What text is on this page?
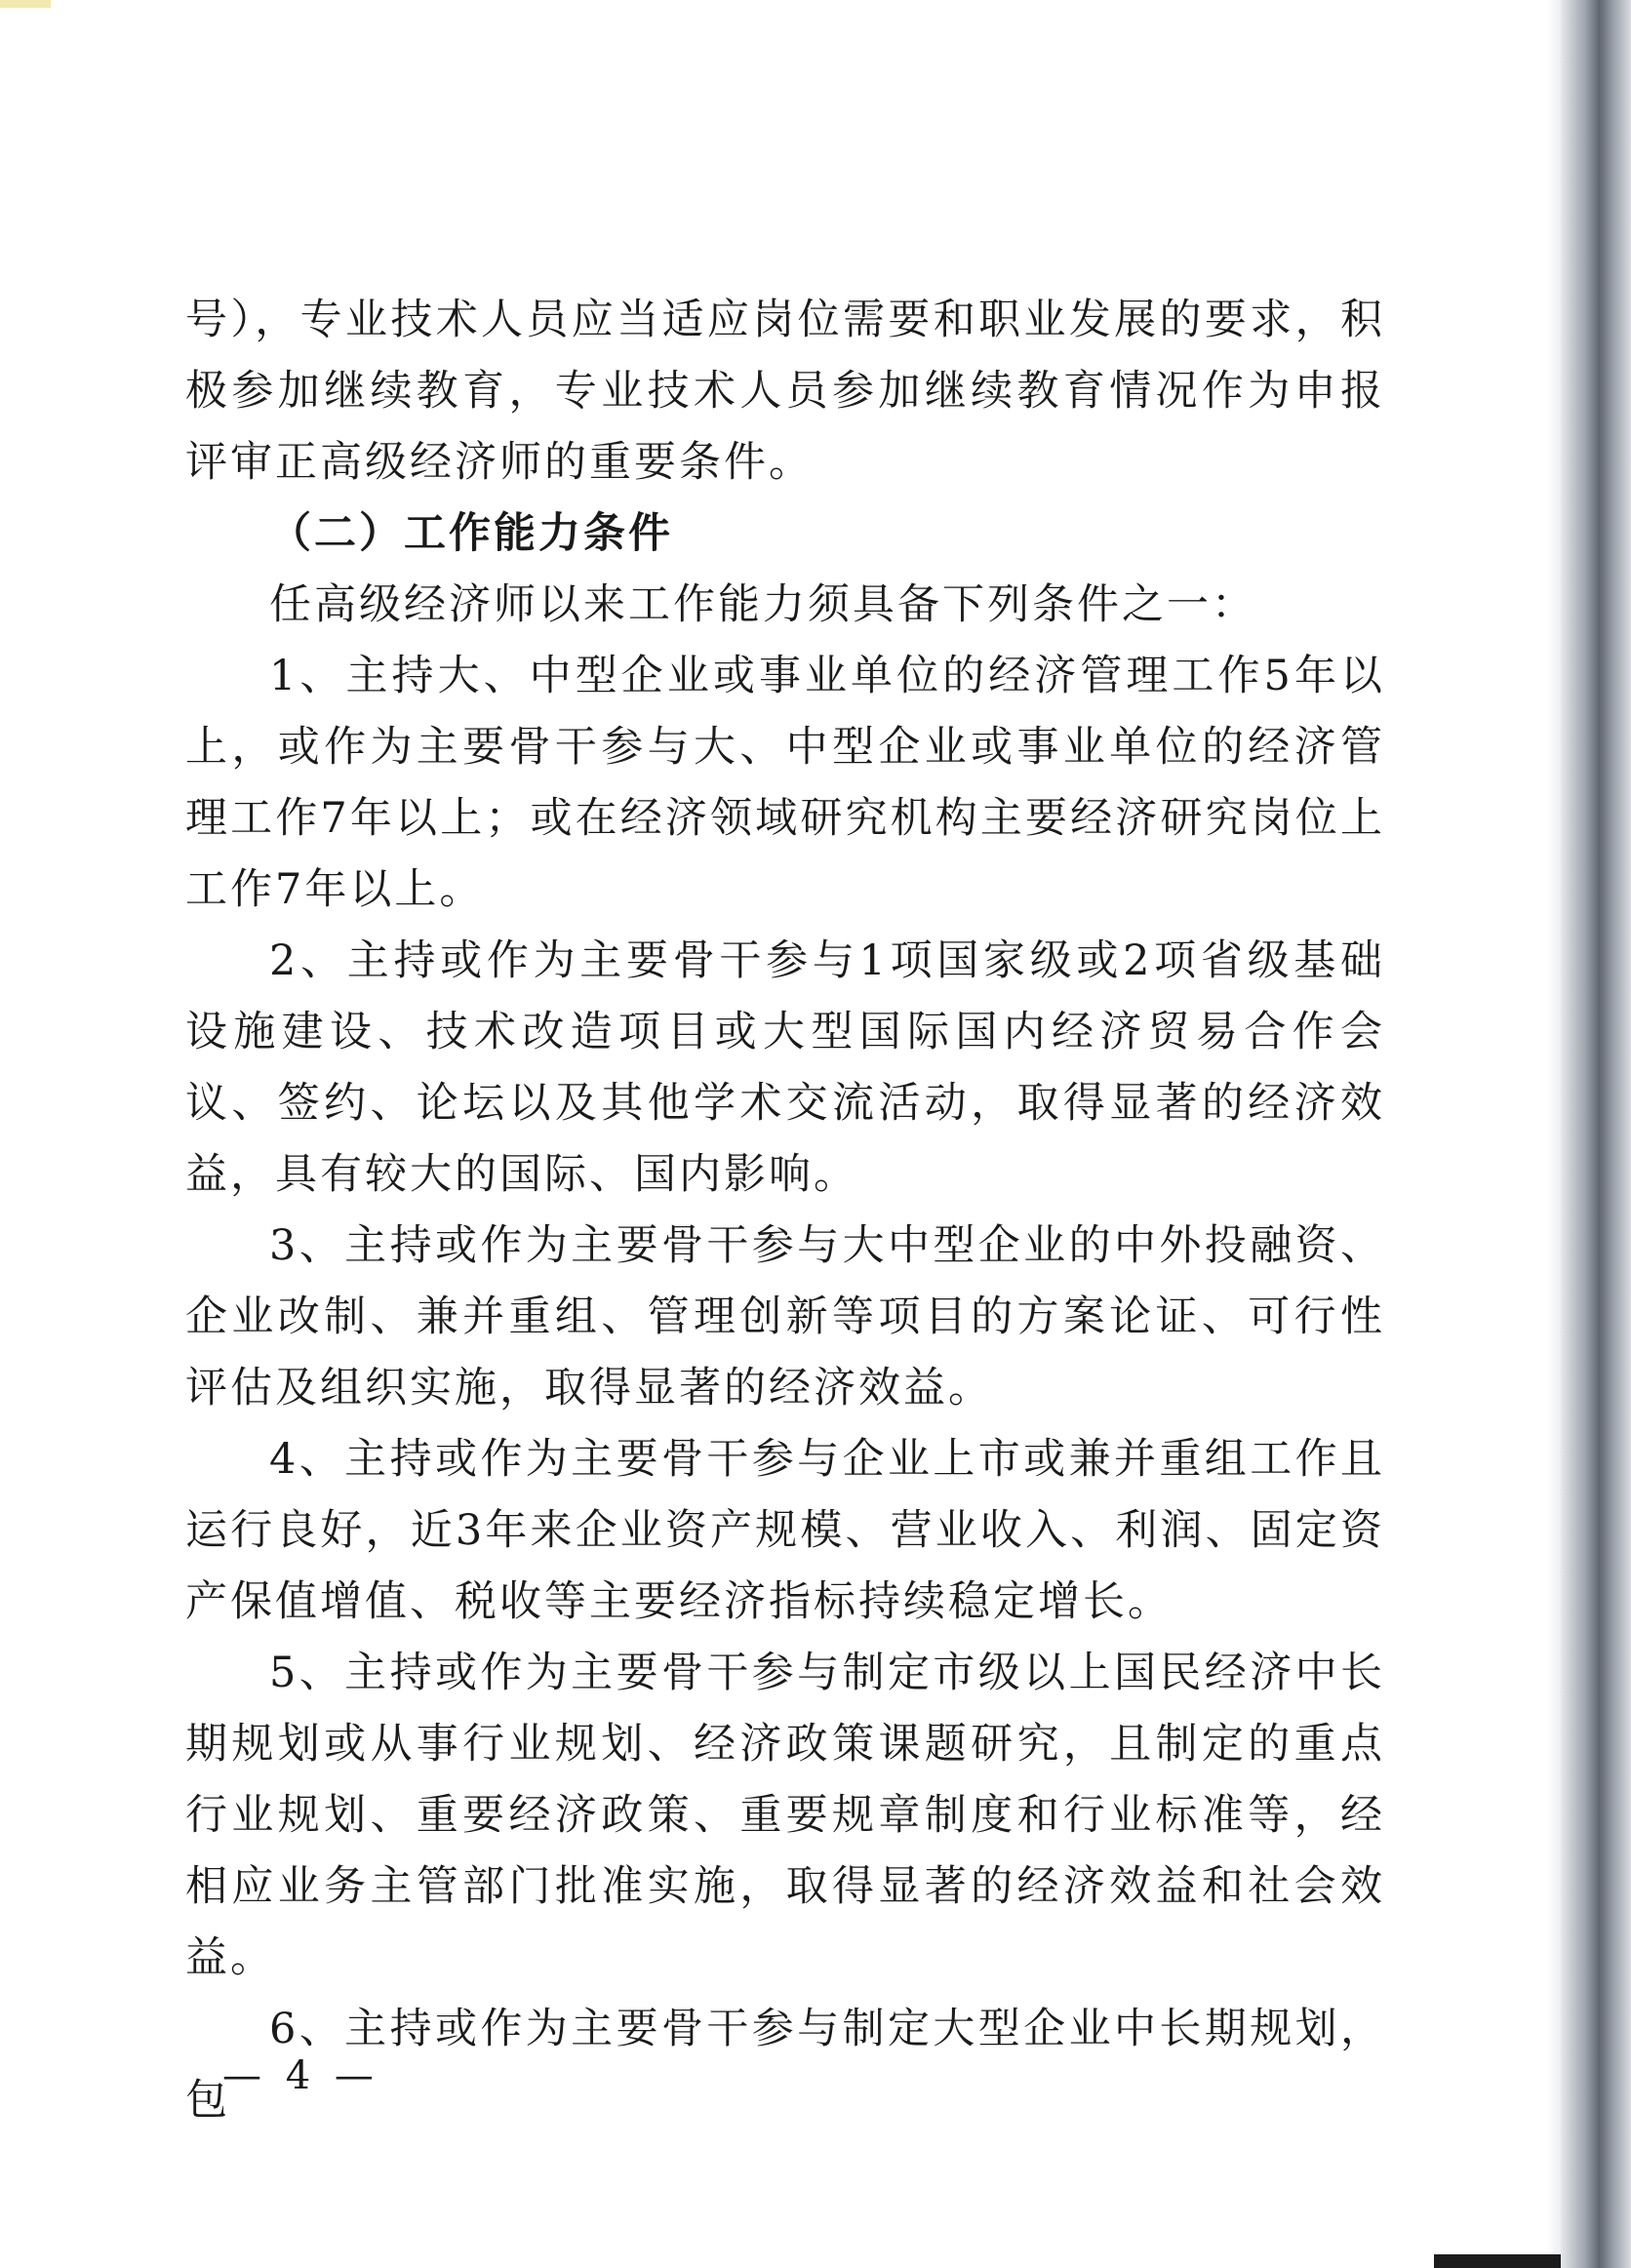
号），专业技术人员应当适应岗位需要和职业发展的要求，积极参加继续教育，专业技术人员参加继续教育情况作为申报评审正高级经济师的重要条件。

（二）工作能力条件

任高级经济师以来工作能力须具备下列条件之一：

1、主持大、中型企业或事业单位的经济管理工作5年以上，或作为主要骨干参与大、中型企业或事业单位的经济管理工作7年以上；或在经济领域研究机构主要经济研究岗位上工作7年以上。

2、主持或作为主要骨干参与1项国家级或2项省级基础设施建设、技术改造项目或大型国际国内经济贸易合作会议、签约、论坛以及其他学术交流活动，取得显著的经济效益，具有较大的国际、国内影响。

3、主持或作为主要骨干参与大中型企业的中外投融资、企业改制、兼并重组、管理创新等项目的方案论证、可行性评估及组织实施，取得显著的经济效益。

4、主持或作为主要骨干参与企业上市或兼并重组工作且运行良好，近3年来企业资产规模、营业收入、利润、固定资产保值增值、税收等主要经济指标持续稳定增长。

5、主持或作为主要骨干参与制定市级以上国民经济中长期规划或从事行业规划、经济政策课题研究，且制定的重点行业规划、重要经济政策、重要规章制度和行业标准等，经相应业务主管部门批准实施，取得显著的经济效益和社会效益。

6、主持或作为主要骨干参与制定大型企业中长期规划，包

— 4 —
